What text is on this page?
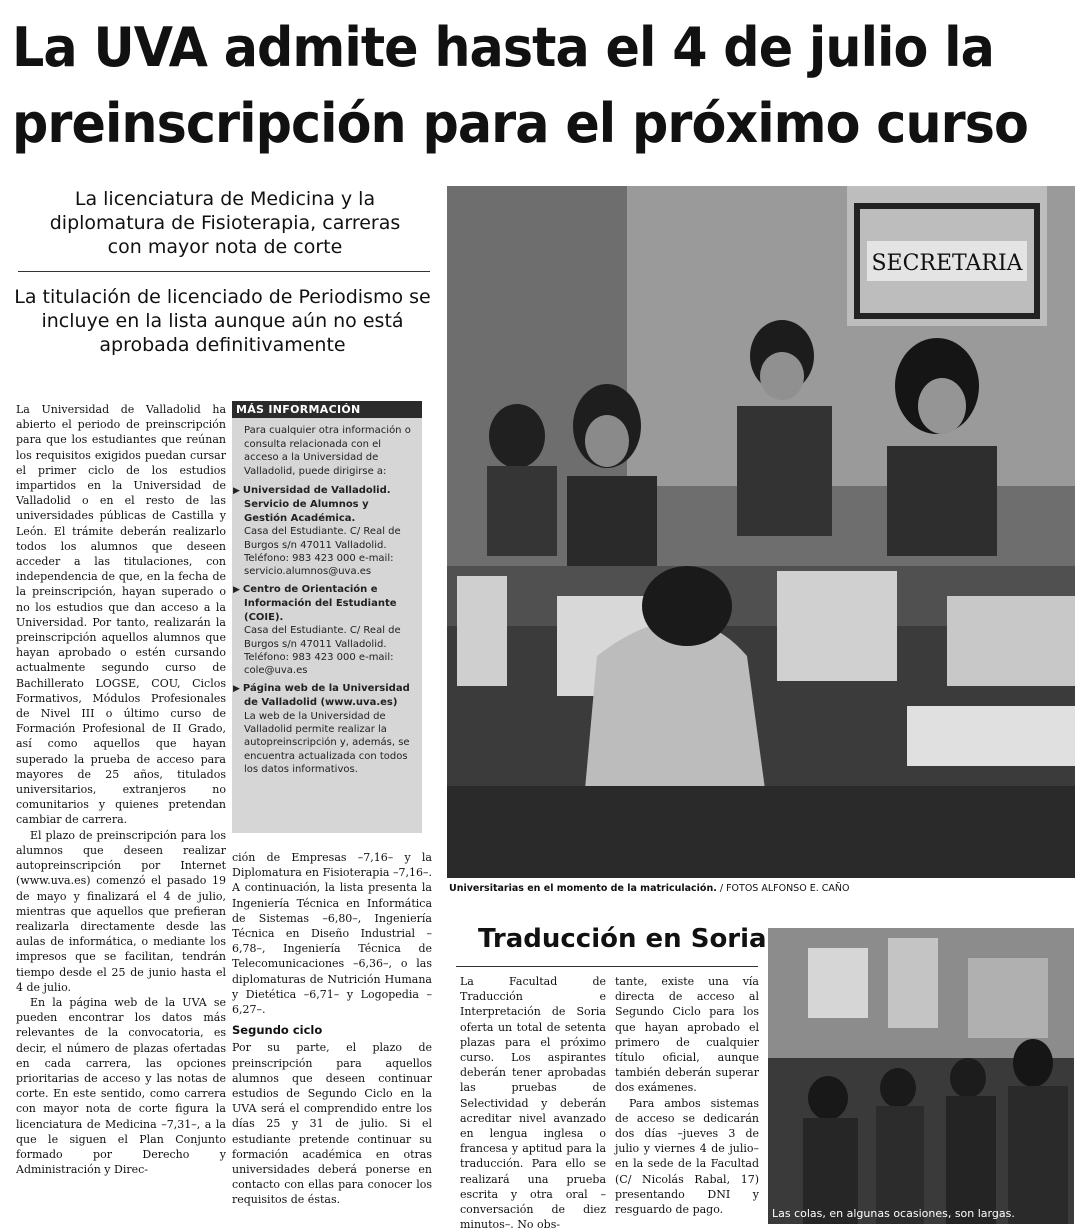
La UVA admite hasta el 4 de julio la
preinscripción para el próximo curso

La licenciatura de Medicina y la diplomatura de Fisioterapia, carreras con mayor nota de corte

La titulación de licenciado de Periodismo se incluye en la lista aunque aún no está aprobada definitivamente

La Universidad de Valladolid ha abierto el periodo de preinscripción para que los estudiantes que reúnan los requisitos exigidos puedan cursar el primer ciclo de los estudios impartidos en la Universidad de Valladolid o en el resto de las universidades públicas de Castilla y León. El trámite deberán realizarlo todos los alumnos que deseen acceder a las titulaciones, con independencia de que, en la fecha de la preinscripción, hayan superado o no los estudios que dan acceso a la Universidad. Por tanto, realizarán la preinscripción aquellos alumnos que hayan aprobado o estén cursando actualmente segundo curso de Bachillerato LOGSE, COU, Ciclos Formativos, Módulos Profesionales de Nivel III o último curso de Formación Profesional de II Grado, así como aquellos que hayan superado la prueba de acceso para mayores de 25 años, titulados universitarios, extranjeros no comunitarios y quienes pretendan cambiar de carrera.

El plazo de preinscripción para los alumnos que deseen realizar autopreinscripción por Internet (www.uva.es) comenzó el pasado 19 de mayo y finalizará el 4 de julio, mientras que aquellos que prefieran realizarla directamente desde las aulas de informática, o mediante los impresos que se facilitan, tendrán tiempo desde el 25 de junio hasta el 4 de julio.

En la página web de la UVA se pueden encontrar los datos más relevantes de la convocatoria, es decir, el número de plazas ofertadas en cada carrera, las opciones prioritarias de acceso y las notas de corte. En este sentido, como carrera con mayor nota de corte figura la licenciatura de Medicina –7,31–, a la que le siguen el Plan Conjunto formado por Derecho y Administración y Direc-

MÁS INFORMACIÓN

Para cualquier otra información o consulta relacionada con el acceso a la Universidad de Valladolid, puede dirigirse a:

▶ Universidad de Valladolid. Servicio de Alumnos y Gestión Académica.
Casa del Estudiante. C/ Real de Burgos s/n 47011 Valladolid. Teléfono: 983 423 000 e-mail: servicio.alumnos@uva.es
▶ Centro de Orientación e Información del Estudiante (COIE).
Casa del Estudiante. C/ Real de Burgos s/n 47011 Valladolid. Teléfono: 983 423 000 e-mail: cole@uva.es
▶ Página web de la Universidad de Valladolid (www.uva.es)
La web de la Universidad de Valladolid permite realizar la autopreinscripción y, además, se encuentra actualizada con todos los datos informativos.

ción de Empresas –7,16– y la Diplomatura en Fisioterapia –7,16–. A continuación, la lista presenta la Ingeniería Técnica en Informática de Sistemas –6,80–, Ingeniería Técnica en Diseño Industrial –6,78–, Ingeniería Técnica de Telecomunicaciones –6,36–, o las diplomaturas de Nutrición Humana y Dietética –6,71– y Logopedia –6,27–.

Segundo ciclo

Por su parte, el plazo de preinscripción para aquellos alumnos que deseen continuar estudios de Segundo Ciclo en la UVA será el comprendido entre los días 25 y 31 de julio. Si el estudiante pretende continuar su formación académica en otras universidades deberá ponerse en contacto con ellas para conocer los requisitos de éstas.

SECRETARIA
Universitarias en el momento de la matriculación. / FOTOS ALFONSO E. CAÑO
Traducción en Soria

La Facultad de Traducción e Interpretación de Soria oferta un total de setenta plazas para el próximo curso. Los aspirantes deberán tener aprobadas las pruebas de Selectividad y deberán acreditar nivel avanzado en lengua inglesa o francesa y aptitud para la traducción. Para ello se realizará una prueba escrita y otra oral –conversación de diez minutos–. No obs-

tante, existe una vía directa de acceso al Segundo Ciclo para los que hayan aprobado el primero de cualquier título oficial, aunque también deberán superar dos exámenes.

Para ambos sistemas de acceso se dedicarán dos días –jueves 3 de julio y viernes 4 de julio– en la sede de la Facultad (C/ Nicolás Rabal, 17) presentando DNI y resguardo de pago.	Las colas, en algunas ocasiones, son largas.
